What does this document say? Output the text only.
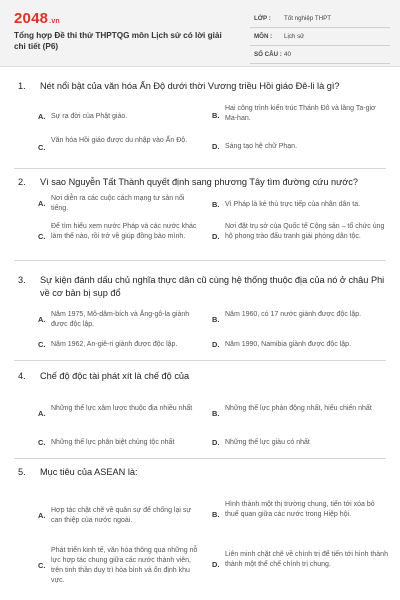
2048.vn
Tổng hợp Đề thi thử THPTQG môn Lịch sử có lời giải chi tiết (P6)
LỚP : Tốt nghiệp THPT
MÔN : Lịch sử
SỐ CÂU : 40
1. Nét nổi bật của văn hóa Ấn Độ dưới thời Vương triều Hồi giáo Đê-li là gì?
A. Sự ra đời của Phật giáo.	B.
Hai công trình kiến trúc Thánh Đô và lăng Ta-giơ Ma-han.
C.
Văn hóa Hồi giáo được du nhập vào Ấn Độ.
D. Sáng tạo hệ chữ Phạn.
2. Vì sao Nguyễn Tất Thành quyết định sang phương Tây tìm đường cứu nước?
A.
Nơi diễn ra các cuộc cách mạng tư sản nổi tiếng.	B. Vì Pháp là kẻ thù trực tiếp của nhân dân ta.
C.
Để tìm hiểu xem nước Pháp và các nước khác làm thế nào, rồi trở về giúp đồng bào mình.	D.
Nơi đặt trụ sở của Quốc tế Cộng sản – tổ chức ủng hộ phong trào đấu tranh giải phóng dân tộc.
3. Sự kiện đánh dấu chủ nghĩa thực dân cũ cùng hệ thống thuộc địa của nó ở châu Phi về cơ bản bị sụp đổ
A.
Năm 1975, Mô-dăm-bích và Ăng-gô-la giành được độc lập.
B.
Năm 1960, có 17 nước giành được độc lập.
C. Năm 1962, An-giê-ri giành được độc lập.	D. Năm 1990, Namibia giành được độc lập.
4. Chế độ độc tài phát xít là chế độ của
A.
Những thế lực xâm lược thuộc địa nhiều nhất
B.
Những thế lực phản động nhất, hiếu chiến nhất
C. Những thế lực phân biệt chủng tộc nhất	D. Những thế lực giàu có nhất
5. Mục tiêu của ASEAN là:
A.
Hợp tác chặt chẽ về quân sự để chống lại sự can thiệp của nước ngoài.
B.
Hình thành một thị trường chung, tiến tới xóa bỏ thuế quan giữa các nước trong Hiệp hội.
C.
Phát triển kinh tế, văn hóa thông qua những nỗ lực hợp tác chung giữa các nước thành viên, trên tinh thần duy trì hòa bình và ổn định khu vực.
D.
Liên minh chặt chẽ về chính trị để tiến tới hình thành thành một thể chế chính trị chung.
